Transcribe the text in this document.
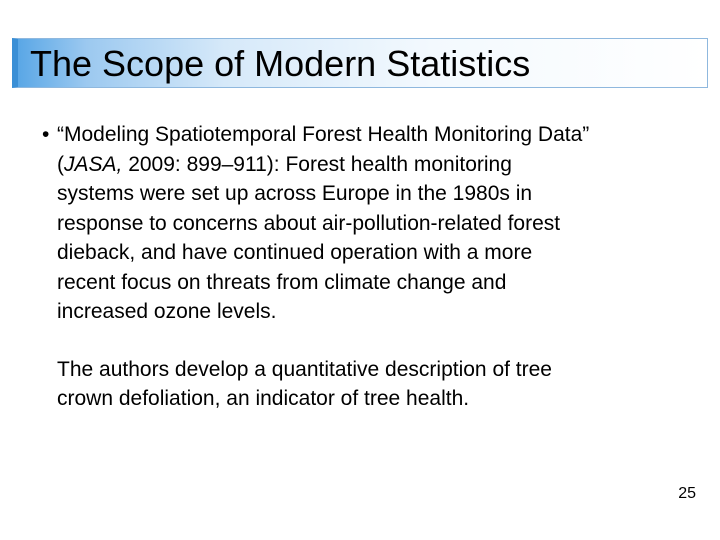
The Scope of Modern Statistics
• “Modeling Spatiotemporal Forest Health Monitoring Data”
(JASA, 2009: 899–911): Forest health monitoring
systems were set up across Europe in the 1980s in
response to concerns about air-pollution-related forest
dieback, and have continued operation with a more
recent focus on threats from climate change and
increased ozone levels.
The authors develop a quantitative description of tree
crown defoliation, an indicator of tree health.
25
